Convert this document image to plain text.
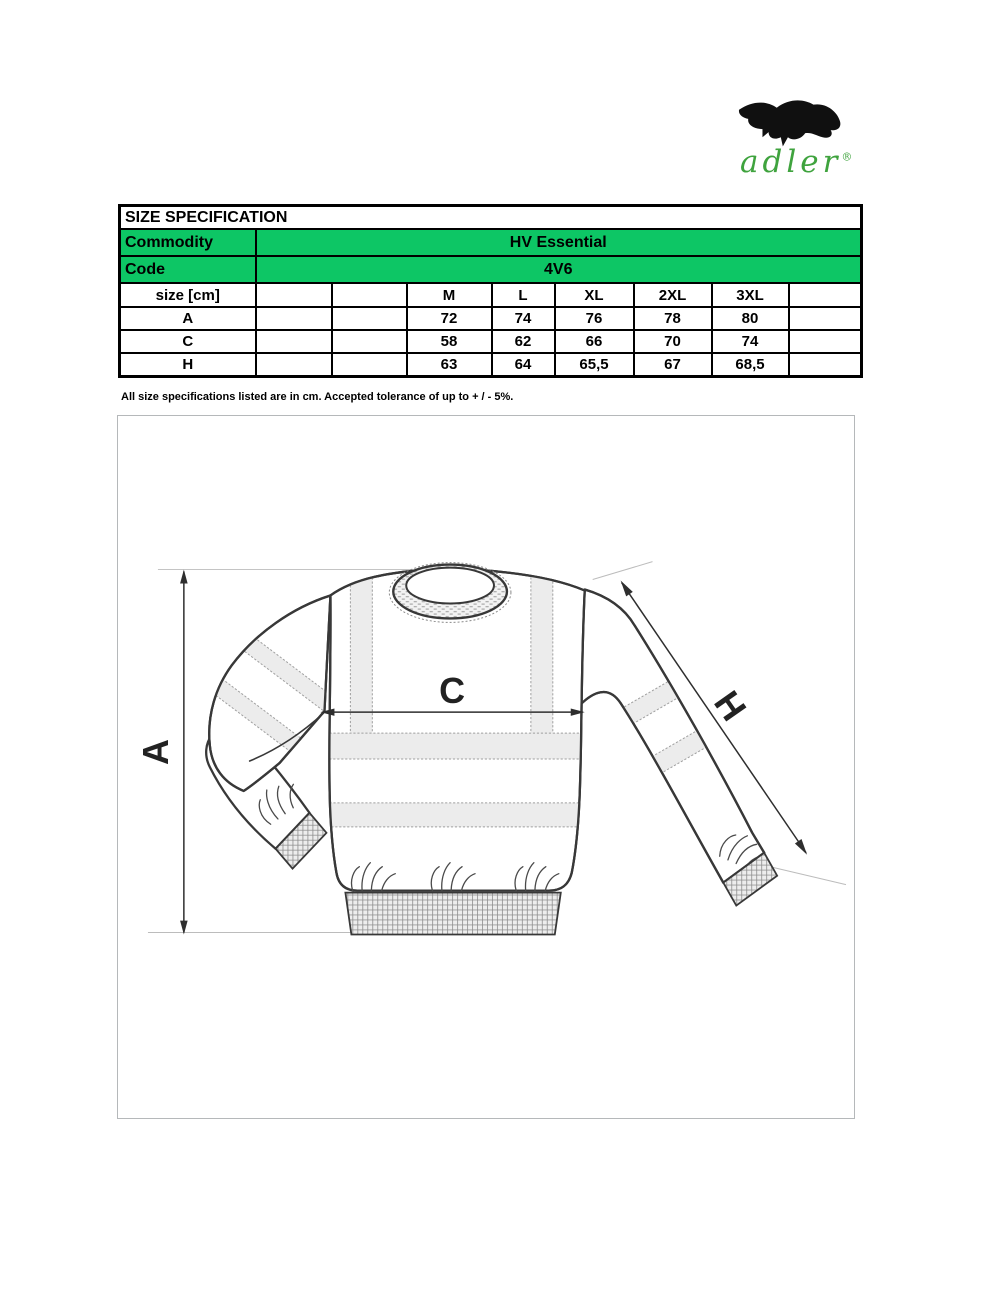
adler®
SIZE SPECIFICATION								
Commodity	HV Essential							
Code	4V6							
size [cm]			M	L	XL	2XL	3XL	
A			72	74	76	78	80	
C			58	62	66	70	74	
H			63	64	65,5	67	68,5	
All size specifications listed are in cm. Accepted tolerance of up to + / - 5%.
A
C	H
